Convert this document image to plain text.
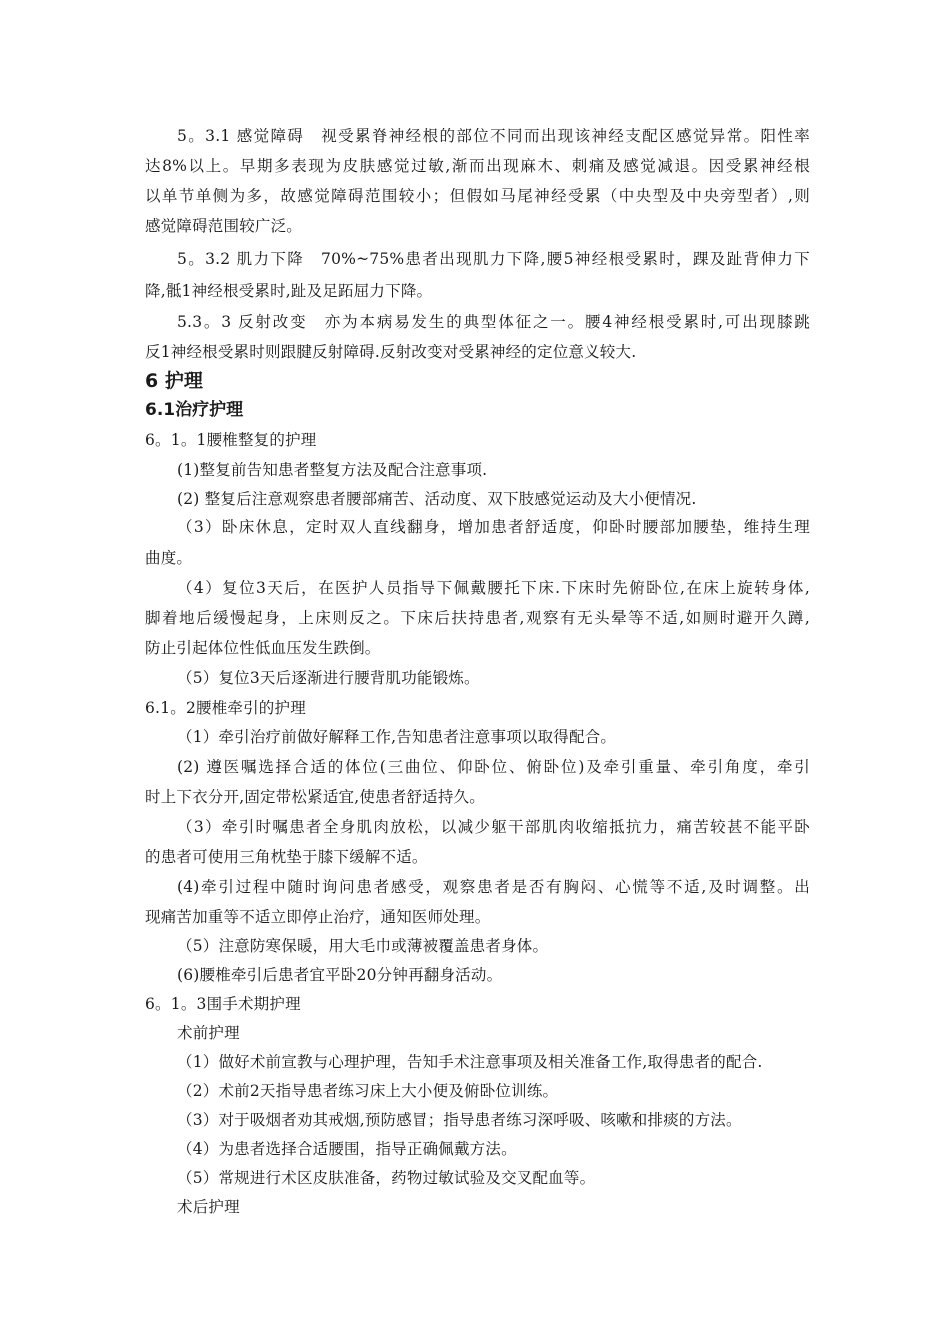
5。3.1 感觉障碍　视受累脊神经根的部位不同而出现该神经支配区感觉异常。阳性率
达8%以上。早期多表现为皮肤感觉过敏,渐而出现麻木、刺痛及感觉减退。因受累神经根
以单节单侧为多，故感觉障碍范围较小；但假如马尾神经受累（中央型及中央旁型者）,则
感觉障碍范围较广泛。
5。3.2 肌力下降　70%~75%患者出现肌力下降,腰5神经根受累时，踝及趾背伸力下
降,骶1神经根受累时,趾及足跖屈力下降。
5.3。3 反射改变　亦为本病易发生的典型体征之一。腰4神经根受累时,可出现膝跳
反1神经根受累时则跟腱反射障碍.反射改变对受累神经的定位意义较大.
6 护理
6.1治疗护理
6。1。1腰椎整复的护理
(1)整复前告知患者整复方法及配合注意事项.
(2) 整复后注意观察患者腰部痛苦、活动度、双下肢感觉运动及大小便情况.
（3）卧床休息，定时双人直线翻身，增加患者舒适度，仰卧时腰部加腰垫，维持生理
曲度。
（4）复位3天后，在医护人员指导下佩戴腰托下床.下床时先俯卧位,在床上旋转身体,
脚着地后缓慢起身，上床则反之。下床后扶持患者,观察有无头晕等不适,如厕时避开久蹲,
防止引起体位性低血压发生跌倒。
（5）复位3天后逐渐进行腰背肌功能锻炼。
6.1。2腰椎牵引的护理
（1）牵引治疗前做好解释工作,告知患者注意事项以取得配合。
(2) 遵医嘱选择合适的体位(三曲位、仰卧位、俯卧位)及牵引重量、牵引角度，牵引
时上下衣分开,固定带松紧适宜,使患者舒适持久。
（3）牵引时嘱患者全身肌肉放松，以减少躯干部肌肉收缩抵抗力，痛苦较甚不能平卧
的患者可使用三角枕垫于膝下缓解不适。
(4)牵引过程中随时询问患者感受，观察患者是否有胸闷、心慌等不适,及时调整。出
现痛苦加重等不适立即停止治疗，通知医师处理。
（5）注意防寒保暖，用大毛巾或薄被覆盖患者身体。
(6)腰椎牵引后患者宜平卧20分钟再翻身活动。
6。1。3围手术期护理
术前护理
（1）做好术前宣教与心理护理，告知手术注意事项及相关准备工作,取得患者的配合.
（2）术前2天指导患者练习床上大小便及俯卧位训练。
（3）对于吸烟者劝其戒烟,预防感冒；指导患者练习深呼吸、咳嗽和排痰的方法。
（4）为患者选择合适腰围，指导正确佩戴方法。
（5）常规进行术区皮肤准备，药物过敏试验及交叉配血等。
术后护理
